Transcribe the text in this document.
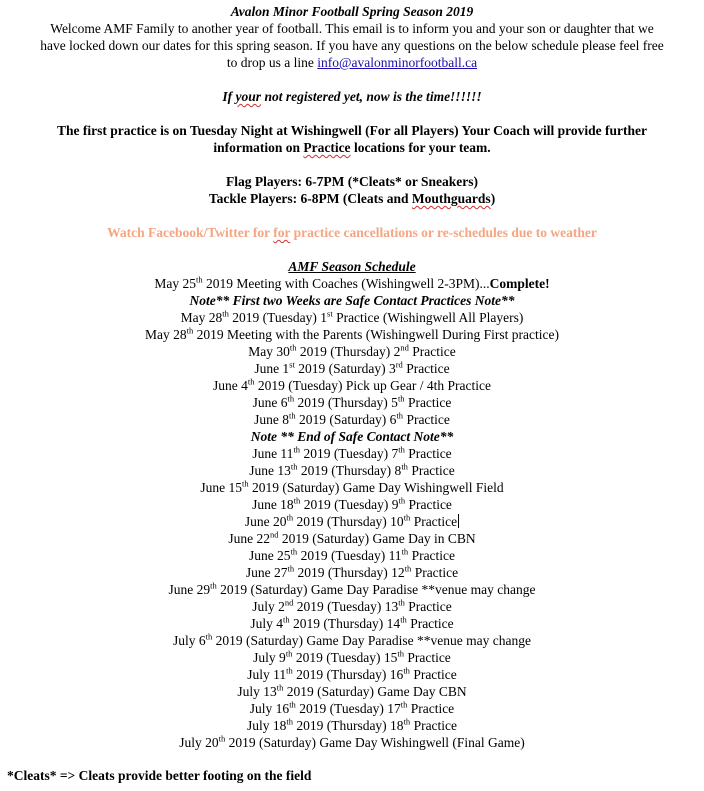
Avalon Minor Football Spring Season 2019
Welcome AMF Family to another year of football. This email is to inform you and your son or daughter that we
have locked down our dates for this spring season. If you have any questions on the below schedule please feel free
to drop us a line info@avalonminorfootball.ca
If your not registered yet, now is the time!!!!!!
The first practice is on Tuesday Night at Wishingwell (For all Players) Your Coach will provide further
information on Practice locations for your team.
Flag Players: 6-7PM (*Cleats* or Sneakers)
Tackle Players: 6-8PM (Cleats and Mouthguards)
Watch Facebook/Twitter for for practice cancellations or re-schedules due to weather
AMF Season Schedule
May 25th 2019 Meeting with Coaches (Wishingwell 2-3PM)...Complete!
Note** First two Weeks are Safe Contact Practices Note**
May 28th 2019 (Tuesday) 1st Practice (Wishingwell All Players)
May 28th 2019 Meeting with the Parents (Wishingwell During First practice)
May 30th 2019 (Thursday) 2nd Practice
June 1st 2019 (Saturday) 3rd Practice
June 4th 2019 (Tuesday) Pick up Gear / 4th Practice
June 6th 2019 (Thursday) 5th Practice
June 8th 2019 (Saturday) 6th Practice
Note ** End of Safe Contact Note**
June 11th 2019 (Tuesday) 7th Practice
June 13th 2019 (Thursday) 8th Practice
June 15th 2019 (Saturday) Game Day Wishingwell Field
June 18th 2019 (Tuesday) 9th Practice
June 20th 2019 (Thursday) 10th Practice
June 22nd 2019 (Saturday) Game Day in CBN
June 25th 2019 (Tuesday) 11th Practice
June 27th 2019 (Thursday) 12th Practice
June 29th 2019 (Saturday) Game Day Paradise **venue may change
July 2nd 2019 (Tuesday) 13th Practice
July 4th 2019 (Thursday) 14th Practice
July 6th 2019 (Saturday) Game Day Paradise **venue may change
July 9th 2019 (Tuesday) 15th Practice
July 11th 2019 (Thursday) 16th Practice
July 13th 2019 (Saturday) Game Day CBN
July 16th 2019 (Tuesday) 17th Practice
July 18th 2019 (Thursday) 18th Practice
July 20th 2019 (Saturday) Game Day Wishingwell (Final Game)
*Cleats* => Cleats provide better footing on the field
